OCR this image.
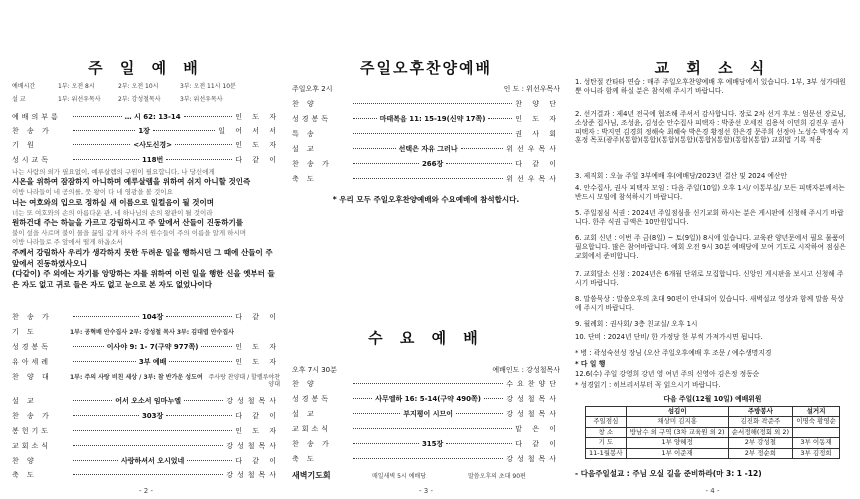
주 일 예 배
예배시간	1부: 오전 8시	2부: 오전 10시	3부: 오전 11시 10분
설 교	1부: 위선우목사	2부: 강성철목사	3부: 위선우목사
예배의부름	… 시 62: 13-14	인 도 자
찬 송 가	1장	일 어 서 서
기 원	<사도신경>	인 도 자
성시교독	118번	다 같 이
나는 사람의 외가 필요없이, 예루살렘의 구원이 필요합니다, 나 당신에게
시온을 위하여 잠잠하지 아니하며 예루살렘을 위하여 쉬지 아니할 것인즉
이방 나라들이 네 공의를, 뭇 왕이 다 네 영광을 볼 것이요
너는 여호와의 입으로 정하실 새 이름으로 일컬음이 될 것이며
너는 또 여호와의 손의 아름다운 관, 네 하나님의 손의 왕관이 될 것이라
원하건대 주는 하늘을 가르고 강림하시고 주 앞에서 산들이 진동하기를
불이 섶을 사르며 불이 물을 끓임 같게 하사 주의 원수들이 주의 이름을 알게 하시며
이방 나라들로 주 앞에서 떨게 하옵소서
주께서 강림하사 우리가 생각하지 못한 두려운 일을 행하시던 그 때에 산들이 주 앞에서 진동하였사오니
(다같이) 주 외에는 자기를 앙망하는 자를 위하여 이런 일을 행한 신을 옛부터 들은 자도 없고 귀로 들은 자도 없고 눈으로 본 자도 없었나이다
찬 송 가	104장	다 같 이
기 도	1부: 공혁배 안수집사 2부: 강성철 목사 3부: 김대엽 안수집사
성경봉독	이사야 9: 1- 7(구약 977쪽)	인 도 자
유아세례	3부 예배	인 도 자
찬 양 대	1부: 주의 사랑 비친 세상 / 3부: 참 반가운 성도여 주사랑 찬양대 / 할렐루야찬양대
설 교	어서 오소서 임마누엘	강성철목사
찬 송 가	303장	다 같 이
봉헌기도	인 도 자
교회소식	강성철목사
찬 양	사랑하셔서 오시었네	다 같 이
축 도	강성철목사
- 2 -
주일오후찬양예배
주일오후 2시	인 도 : 위선우목사
찬 양	찬 양 단
성경봉독	마태복음 11: 15-19(신약 17쪽)	인 도 자
특 송	권 사 회
설 교	선택은 자유 그러나	위선우목사
찬 송 가	266장	다 같 이
축 도	위선우목사
* 우리 모두 주일오후찬양예배와 수요예배에 참석합시다.
수 요 예 배
오후 7시 30분	예배인도 : 강성철목사
찬 양	수요찬양단
성경봉독	사무엘하 16: 5-14(구약 490쪽)	강성철목사
설 교	부지평이 시므이	강성철목사
교회소식	맡 은 이
찬 송 가	315장	다 같 이
축 도	강성철목사
새벽기도회	매일새벽 5시 예배당	말씀오후의 초대 90편
- 3 -
교 회 소 식
1. 성탄절 칸타타 연습 : 매주 주일오후찬양예배 후 예배당에서 있습니다. 1부, 3부 성가대원 뿐 아니라 함께 하실 분은 참석해 주시기 바랍니다.
2. 선거결과 : 제4년 전국에 협조해 주셔서 감사합니다. 장로 2차 선거 후보 : 엄문선 장로님, 소상준 집사님, 조성윤, 김성순 안수집사 피택자 : 박종선 오세진 김용석 이민희 김진우 권사 피택자 : 박지연 김경희 정해숙 최혜숙 박은경 황정선 한은경 문주희 선정아 노성수 박정숙 지훈정 목포(광주)(통합)(통합)(통합)(통합)(통합)(통합)(통합)(통합) 교회법 기록 적용
3. 제직회 : 오늘 주일 3부예배 후(예배당/2023년 결산 및 2024 예산안
4. 안수집사, 권사 피택자 모임 : 다음 주일(10일) 오후 1시/ 이통부실/ 모든 피택자분께서는 반드시 모임에 참석하시기 바랍니다.
5. 주일점심 식권 : 2024년 주일점심을 신기교회 하시는 분은 게시판에 신청해 주시기 바랍니다. 한주 식권 금액은 10만원입니다.
6. 교회 신년 : 이번 주 금(8일) ~ 토(9일)) 8시에 있습니다. 교육관 양년문에서 필요 물품이 필요합니다. 많은 참여바랍니다. 예회 오전 9시 30분 예배당에 모여 기도로 시작하여 점심은 교회에서 준비합니다.
7. 교회달소 신청 : 2024년은 6개월 단위로 모집합니다. 신앙인 게시판을 보시고 신청해 주시기 바랍니다.
8. 말씀묵상 : 말씀오후의 초대 90편이 안내되어 있습니다. 새벽설교 영상과 함께 말씀 묵상에 주시기 바랍니다.
9. 월례회 : 권사회/ 3층 친교실/ 오후 1시
10. 단비 : 2024년 단비/ 한 가정당 한 부씩 가져가시면 됩니다.
* 병 : 곽성숙선성 장님 (오산 주일오후예배 후 조문 / 예수생명지경
* 다 일 행
12.6(수) 주일 강영희 강년 영 여년 주의 신영아 김은정 정동순
* 성경읽기 : 히브리서부터 꼭 읽으시기 바랍니다.
다음 주일(12월 10일) 예배위원
	섬김이	주방봉사	설거지
주일점심	채상미 김지홍	김진화 곽준주	이명숙 황영순
창 소	방남수 외 구역 (3차 교육원 외 2)	순서정해(정회 외 2)	
기 도	1부 양혜정	2부 강성철	3부 이동재
11-1월봉사	1부 이준재	2부 정순희	3부 김정희
- 다음주일설교 : 주님 오실 길을 준비하라(마 3: 1 -12)
- 4 -
